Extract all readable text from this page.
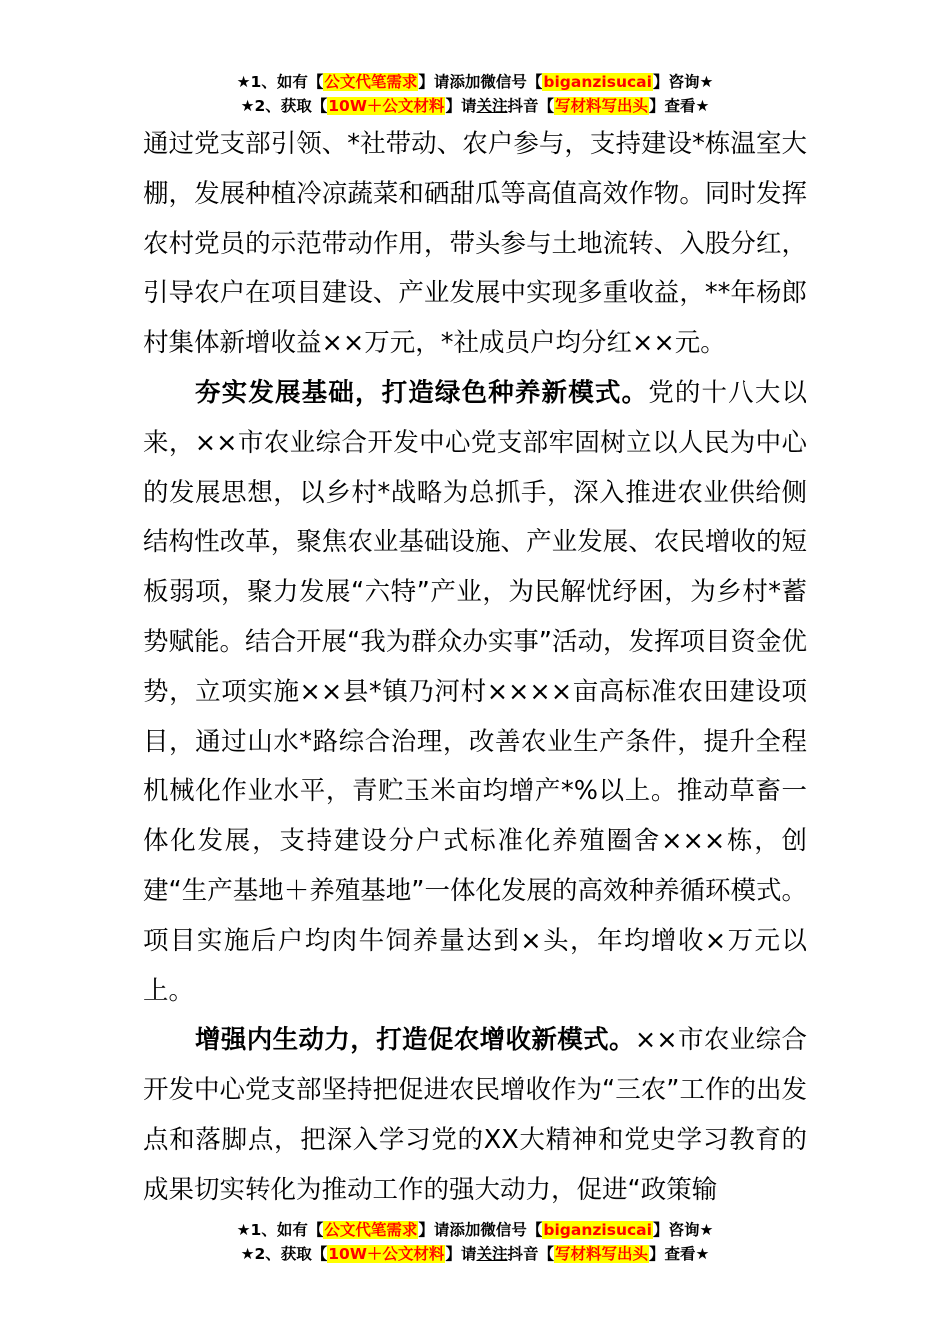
★1、如有【公文代笔需求】请添加微信号【biganzisucai】咨询★
★2、获取【10W＋公文材料】请关注抖音【写材料写出头】查看★

通过党支部引领、*社带动、农户参与，支持建设*栋温室大棚，发展种植冷凉蔬菜和硒甜瓜等高值高效作物。同时发挥农村党员的示范带动作用，带头参与土地流转、入股分红，引导农户在项目建设、产业发展中实现多重收益，**年杨郎村集体新增收益××万元，*社成员户均分红××元。

夯实发展基础，打造绿色种养新模式。党的十八大以来，××市农业综合开发中心党支部牢固树立以人民为中心的发展思想，以乡村*战略为总抓手，深入推进农业供给侧结构性改革，聚焦农业基础设施、产业发展、农民增收的短板弱项，聚力发展“六特”产业，为民解忧纾困，为乡村*蓄势赋能。结合开展“我为群众办实事”活动，发挥项目资金优势，立项实施××县*镇乃河村××××亩高标准农田建设项目，通过山水*路综合治理，改善农业生产条件，提升全程机械化作业水平，青贮玉米亩均增产*%以上。推动草畜一体化发展，支持建设分户式标准化养殖圈舍×××栋，创建“生产基地＋养殖基地”一体化发展的高效种养循环模式。项目实施后户均肉牛饲养量达到×头，年均增收×万元以上。

增强内生动力，打造促农增收新模式。××市农业综合开发中心党支部坚持把促进农民增收作为“三农”工作的出发点和落脚点，把深入学习党的XX大精神和党史学习教育的成果切实转化为推动工作的强大动力，促进“政策输

★1、如有【公文代笔需求】请添加微信号【biganzisucai】咨询★
★2、获取【10W＋公文材料】请关注抖音【写材料写出头】查看★
